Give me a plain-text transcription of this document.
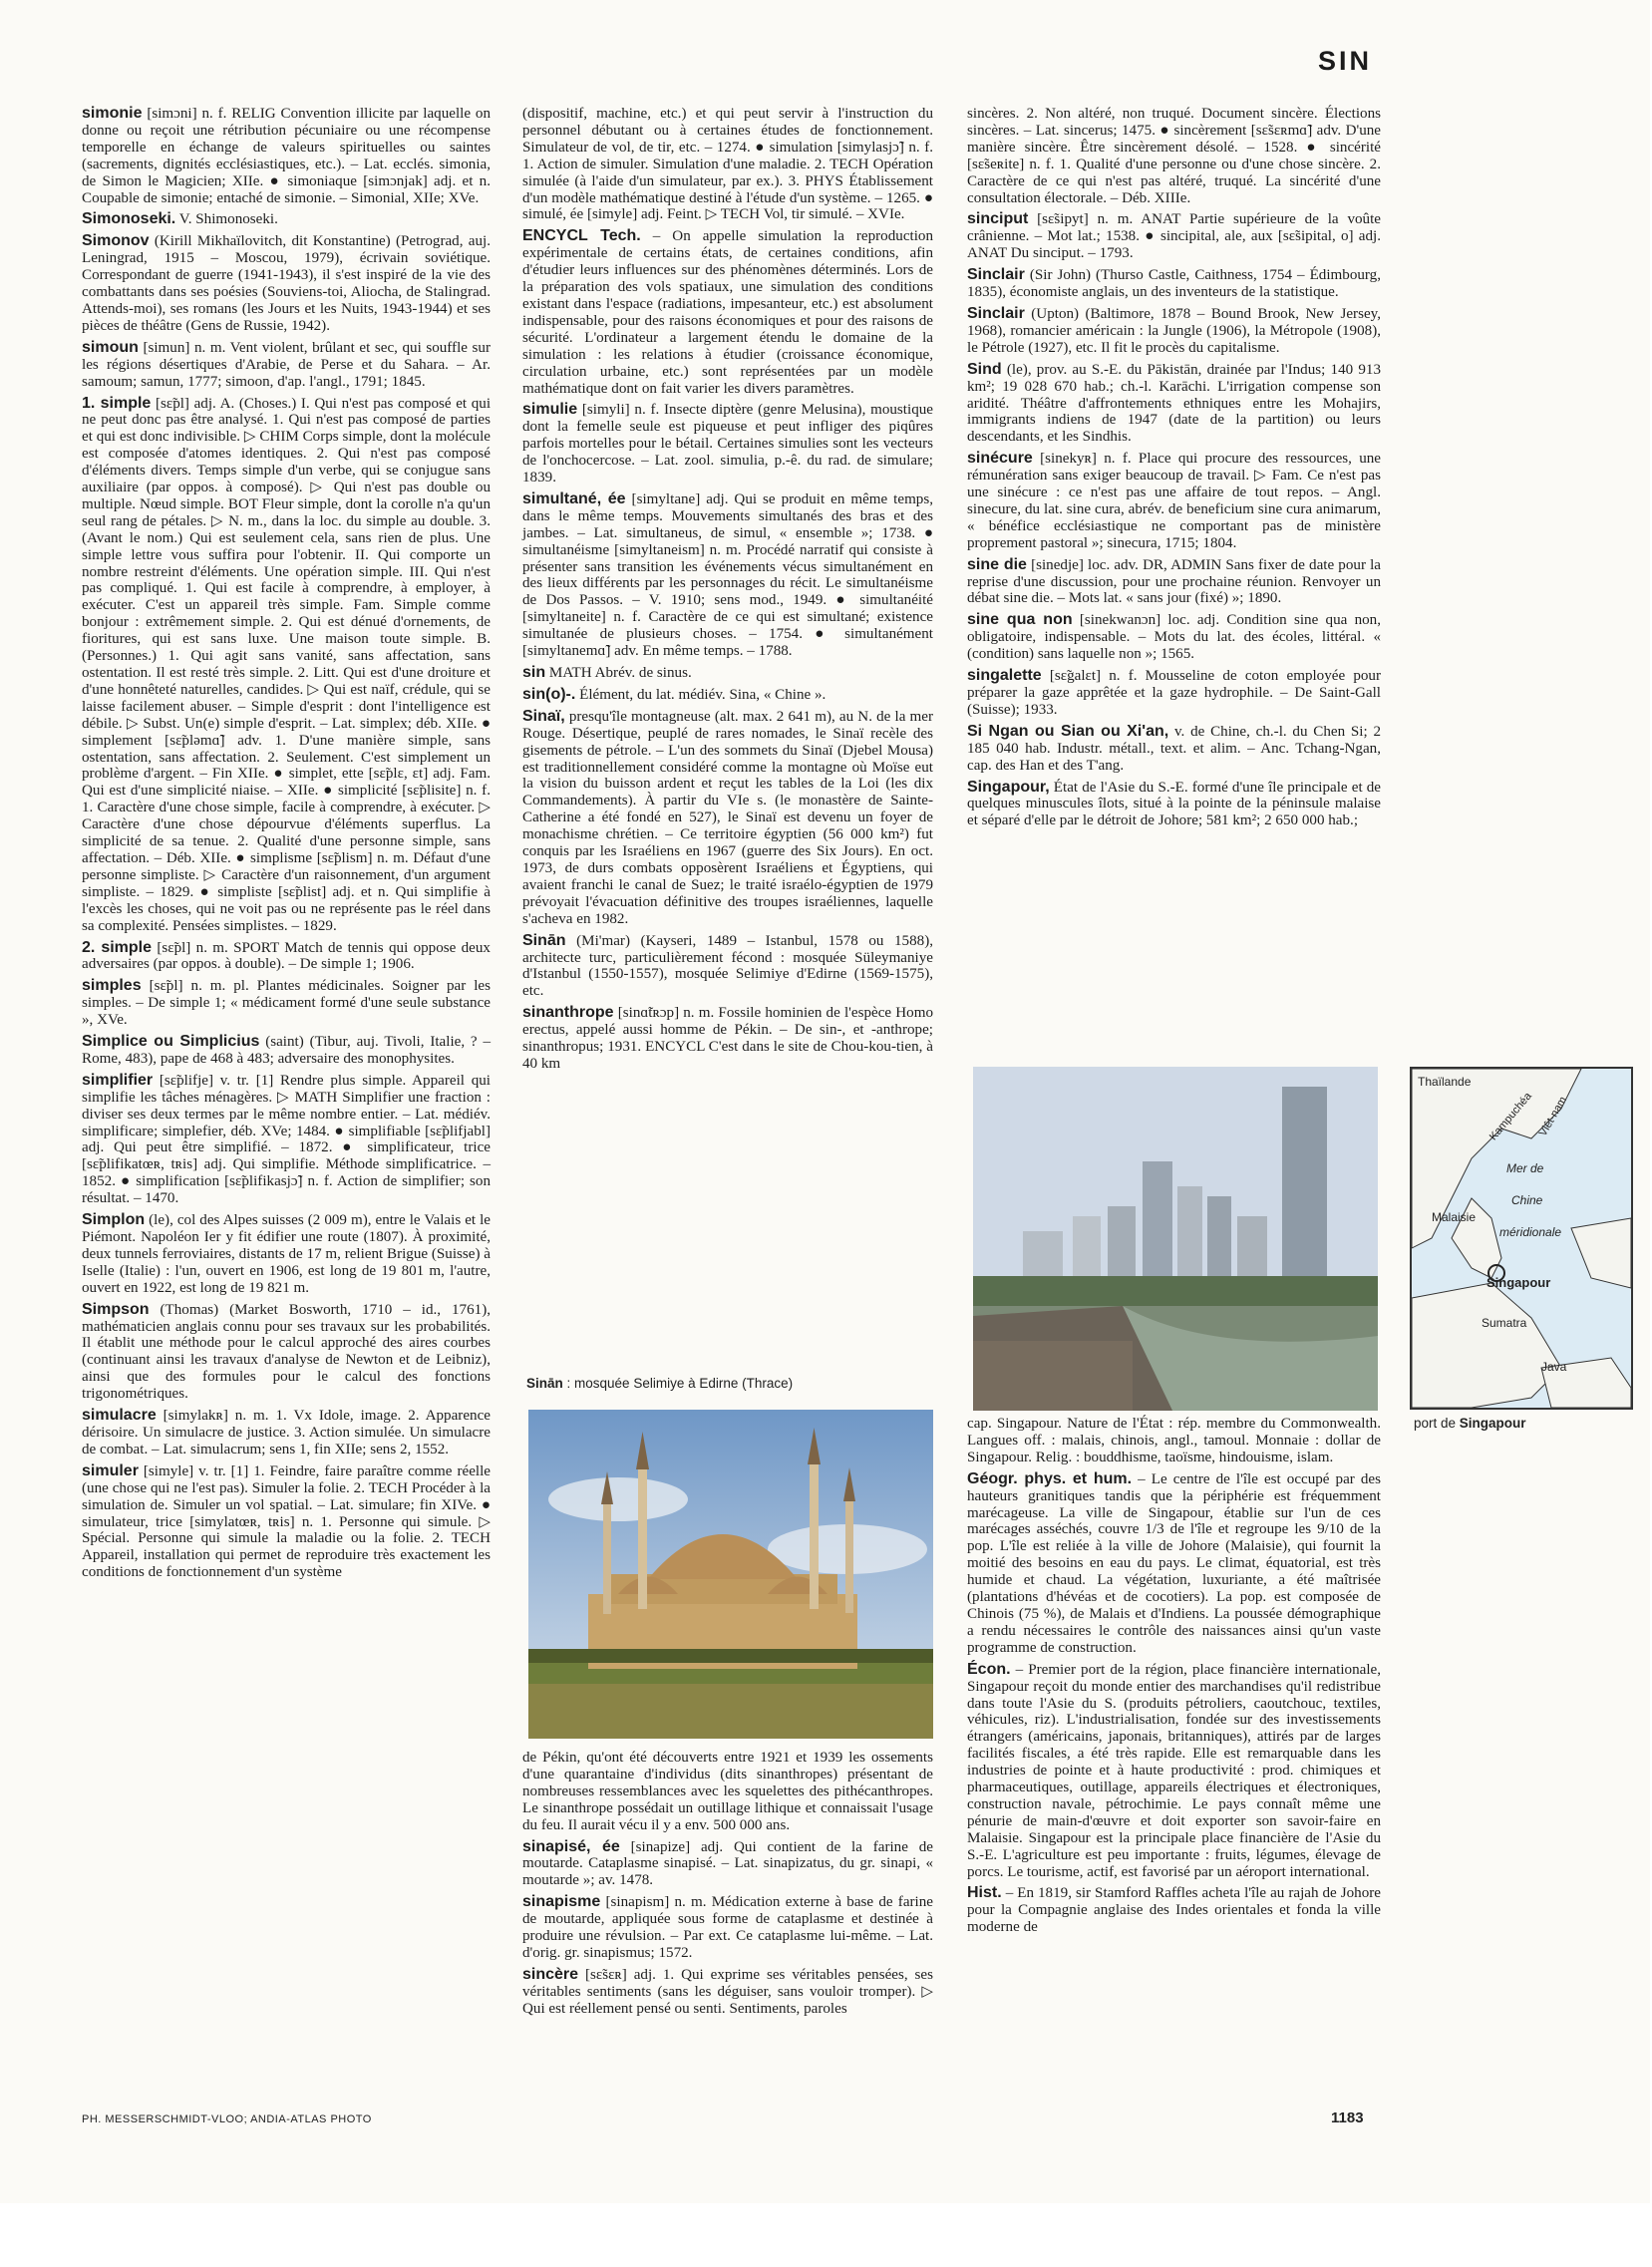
SIN

simonie [simɔni] n. f. RELIG Convention illicite par laquelle on donne ou reçoit une rétribution pécuniaire ou une récompense temporelle en échange de valeurs spirituelles ou saintes (sacrements, dignités ecclésiastiques, etc.). – Lat. ecclés. simonia, de Simon le Magicien; XIIe. ● simoniaque [simɔnjak] adj. et n. Coupable de simonie; entaché de simonie. – Simonial, XIIe; XVe.

Simonoseki. V. Shimonoseki.

Simonov (Kirill Mikhaïlovitch, dit Konstantine) (Petrograd, auj. Leningrad, 1915 – Moscou, 1979), écrivain soviétique. Correspondant de guerre (1941-1943), il s'est inspiré de la vie des combattants dans ses poésies (Souviens-toi, Aliocha, de Stalingrad. Attends-moi), ses romans (les Jours et les Nuits, 1943-1944) et ses pièces de théâtre (Gens de Russie, 1942).

simoun [simun] n. m. Vent violent, brûlant et sec, qui souffle sur les régions désertiques d'Arabie, de Perse et du Sahara. – Ar. samoum; samun, 1777; simoon, d'ap. l'angl., 1791; 1845.

1. simple [sɛ̃pl] adj. A. (Choses.) I. Qui n'est pas composé et qui ne peut donc pas être analysé. 1. Qui n'est pas composé de parties et qui est donc indivisible. ▷ CHIM Corps simple, dont la molécule est composée d'atomes identiques. 2. Qui n'est pas composé d'éléments divers. Temps simple d'un verbe, qui se conjugue sans auxiliaire (par oppos. à composé). ▷ Qui n'est pas double ou multiple. Nœud simple. BOT Fleur simple, dont la corolle n'a qu'un seul rang de pétales. ▷ N. m., dans la loc. du simple au double. 3. (Avant le nom.) Qui est seulement cela, sans rien de plus. Une simple lettre vous suffira pour l'obtenir. II. Qui comporte un nombre restreint d'éléments. Une opération simple. III. Qui n'est pas compliqué. 1. Qui est facile à comprendre, à employer, à exécuter. C'est un appareil très simple. Fam. Simple comme bonjour : extrêmement simple. 2. Qui est dénué d'ornements, de fioritures, qui est sans luxe. Une maison toute simple. B. (Personnes.) 1. Qui agit sans vanité, sans affectation, sans ostentation. Il est resté très simple. 2. Litt. Qui est d'une droiture et d'une honnêteté naturelles, candides. ▷ Qui est naïf, crédule, qui se laisse facilement abuser. – Simple d'esprit : dont l'intelligence est débile. ▷ Subst. Un(e) simple d'esprit. – Lat. simplex; déb. XIIe. ● simplement [sɛ̃pləmɑ̃] adv. 1. D'une manière simple, sans ostentation, sans affectation. 2. Seulement. C'est simplement un problème d'argent. – Fin XIIe. ● simplet, ette [sɛ̃plɛ, ɛt] adj. Fam. Qui est d'une simplicité niaise. – XIIe. ● simplicité [sɛ̃plisite] n. f. 1. Caractère d'une chose simple, facile à comprendre, à exécuter. ▷ Caractère d'une chose dépourvue d'éléments superflus. La simplicité de sa tenue. 2. Qualité d'une personne simple, sans affectation. – Déb. XIIe. ● simplisme [sɛ̃plism] n. m. Défaut d'une personne simpliste. ▷ Caractère d'un raisonnement, d'un argument simpliste. – 1829. ● simpliste [sɛ̃plist] adj. et n. Qui simplifie à l'excès les choses, qui ne voit pas ou ne représente pas le réel dans sa complexité. Pensées simplistes. – 1829.

2. simple [sɛ̃pl] n. m. SPORT Match de tennis qui oppose deux adversaires (par oppos. à double). – De simple 1; 1906.

simples [sɛ̃pl] n. m. pl. Plantes médicinales. Soigner par les simples. – De simple 1; « médicament formé d'une seule substance », XVe.

Simplice ou Simplicius (saint) (Tibur, auj. Tivoli, Italie, ? – Rome, 483), pape de 468 à 483; adversaire des monophysites.

simplifier [sɛ̃plifje] v. tr. [1] Rendre plus simple. Appareil qui simplifie les tâches ménagères. ▷ MATH Simplifier une fraction : diviser ses deux termes par le même nombre entier. – Lat. médiév. simplificare; simplefier, déb. XVe; 1484. ● simplifiable [sɛ̃plifjabl] adj. Qui peut être simplifié. – 1872. ● simplificateur, trice [sɛ̃plifikatœʀ, tʀis] adj. Qui simplifie. Méthode simplificatrice. – 1852. ● simplification [sɛ̃plifikasjɔ̃] n. f. Action de simplifier; son résultat. – 1470.

Simplon (le), col des Alpes suisses (2 009 m), entre le Valais et le Piémont. Napoléon Ier y fit édifier une route (1807). À proximité, deux tunnels ferroviaires, distants de 17 m, relient Brigue (Suisse) à Iselle (Italie) : l'un, ouvert en 1906, est long de 19 801 m, l'autre, ouvert en 1922, est long de 19 821 m.

Simpson (Thomas) (Market Bosworth, 1710 – id., 1761), mathématicien anglais connu pour ses travaux sur les probabilités. Il établit une méthode pour le calcul approché des aires courbes (continuant ainsi les travaux d'analyse de Newton et de Leibniz), ainsi que des formules pour le calcul des fonctions trigonométriques.

simulacre [simylakʀ] n. m. 1. Vx Idole, image. 2. Apparence dérisoire. Un simulacre de justice. 3. Action simulée. Un simulacre de combat. – Lat. simulacrum; sens 1, fin XIIe; sens 2, 1552.

simuler [simyle] v. tr. [1] 1. Feindre, faire paraître comme réelle (une chose qui ne l'est pas). Simuler la folie. 2. TECH Procéder à la simulation de. Simuler un vol spatial. – Lat. simulare; fin XIVe. ● simulateur, trice [simylatœʀ, tʀis] n. 1. Personne qui simule. ▷ Spécial. Personne qui simule la maladie ou la folie. 2. TECH Appareil, installation qui permet de reproduire très exactement les conditions de fonctionnement d'un système

(dispositif, machine, etc.) et qui peut servir à l'instruction du personnel débutant ou à certaines études de fonctionnement. Simulateur de vol, de tir, etc. – 1274. ● simulation [simylasjɔ̃] n. f. 1. Action de simuler. Simulation d'une maladie. 2. TECH Opération simulée (à l'aide d'un simulateur, par ex.). 3. PHYS Établissement d'un modèle mathématique destiné à l'étude d'un système. – 1265. ● simulé, ée [simyle] adj. Feint. ▷ TECH Vol, tir simulé. – XVIe.

ENCYCL Tech. – On appelle simulation la reproduction expérimentale de certains états, de certaines conditions, afin d'étudier leurs influences sur des phénomènes déterminés. Lors de la préparation des vols spatiaux, une simulation des conditions existant dans l'espace (radiations, impesanteur, etc.) est absolument indispensable, pour des raisons économiques et pour des raisons de sécurité. L'ordinateur a largement étendu le domaine de la simulation : les relations à étudier (croissance économique, circulation urbaine, etc.) sont représentées par un modèle mathématique dont on fait varier les divers paramètres.

simulie [simyli] n. f. Insecte diptère (genre Melusina), moustique dont la femelle seule est piqueuse et peut infliger des piqûres parfois mortelles pour le bétail. Certaines simulies sont les vecteurs de l'onchocercose. – Lat. zool. simulia, p.-ê. du rad. de simulare; 1839.

simultané, ée [simyltane] adj. Qui se produit en même temps, dans le même temps. Mouvements simultanés des bras et des jambes. – Lat. simultaneus, de simul, « ensemble »; 1738. ● simultanéisme [simyltaneism] n. m. Procédé narratif qui consiste à présenter sans transition les événements vécus simultanément en des lieux différents par les personnages du récit. Le simultanéisme de Dos Passos. – V. 1910; sens mod., 1949. ● simultanéité [simyltaneite] n. f. Caractère de ce qui est simultané; existence simultanée de plusieurs choses. – 1754. ● simultanément [simyltanemɑ̃] adv. En même temps. – 1788.

sin MATH Abrév. de sinus.

sin(o)-. Élément, du lat. médiév. Sina, « Chine ».

Sinaï, presqu'île montagneuse (alt. max. 2 641 m), au N. de la mer Rouge. Désertique, peuplé de rares nomades, le Sinaï recèle des gisements de pétrole. – L'un des sommets du Sinaï (Djebel Mousa) est traditionnellement considéré comme la montagne où Moïse eut la vision du buisson ardent et reçut les tables de la Loi (les dix Commandements). À partir du VIe s. (le monastère de Sainte-Catherine a été fondé en 527), le Sinaï est devenu un foyer de monachisme chrétien. – Ce territoire égyptien (56 000 km²) fut conquis par les Israéliens en 1967 (guerre des Six Jours). En oct. 1973, de durs combats opposèrent Israéliens et Égyptiens, qui avaient franchi le canal de Suez; le traité israélo-égyptien de 1979 prévoyait l'évacuation définitive des troupes israéliennes, laquelle s'acheva en 1982.

Sinān (Mi'mar) (Kayseri, 1489 – Istanbul, 1578 ou 1588), architecte turc, particulièrement fécond : mosquée Süleymaniye d'Istanbul (1550-1557), mosquée Selimiye d'Edirne (1569-1575), etc.

sinanthrope [sinɑ̃tʀɔp] n. m. Fossile hominien de l'espèce Homo erectus, appelé aussi homme de Pékin. – De sin-, et -anthrope; sinanthropus; 1931. ENCYCL C'est dans le site de Chou-kou-tien, à 40 km

sincères. 2. Non altéré, non truqué. Document sincère. Élections sincères. – Lat. sincerus; 1475. ● sincèrement [sɛ̃sɛʀmɑ̃] adv. D'une manière sincère. Être sincèrement désolé. – 1528. ● sincérité [sɛ̃seʀite] n. f. 1. Qualité d'une personne ou d'une chose sincère. 2. Caractère de ce qui n'est pas altéré, truqué. La sincérité d'une consultation électorale. – Déb. XIIIe.

sinciput [sɛ̃sipyt] n. m. ANAT Partie supérieure de la voûte crânienne. – Mot lat.; 1538. ● sincipital, ale, aux [sɛ̃sipital, o] adj. ANAT Du sinciput. – 1793.

Sinclair (Sir John) (Thurso Castle, Caithness, 1754 – Édimbourg, 1835), économiste anglais, un des inventeurs de la statistique.

Sinclair (Upton) (Baltimore, 1878 – Bound Brook, New Jersey, 1968), romancier américain : la Jungle (1906), la Métropole (1908), le Pétrole (1927), etc. Il fit le procès du capitalisme.

Sind (le), prov. au S.-E. du Pākistān, drainée par l'Indus; 140 913 km²; 19 028 670 hab.; ch.-l. Karāchi. L'irrigation compense son aridité. Théâtre d'affrontements ethniques entre les Mohajirs, immigrants indiens de 1947 (date de la partition) ou leurs descendants, et les Sindhis.

sinécure [sinekyʀ] n. f. Place qui procure des ressources, une rémunération sans exiger beaucoup de travail. ▷ Fam. Ce n'est pas une sinécure : ce n'est pas une affaire de tout repos. – Angl. sinecure, du lat. sine cura, abrév. de beneficium sine cura animarum, « bénéfice ecclésiastique ne comportant pas de ministère proprement pastoral »; sinecura, 1715; 1804.

sine die [sinedje] loc. adv. DR, ADMIN Sans fixer de date pour la reprise d'une discussion, pour une prochaine réunion. Renvoyer un débat sine die. – Mots lat. « sans jour (fixé) »; 1890.

sine qua non [sinekwanɔn] loc. adj. Condition sine qua non, obligatoire, indispensable. – Mots du lat. des écoles, littéral. « (condition) sans laquelle non »; 1565.

singalette [sɛ̃galɛt] n. f. Mousseline de coton employée pour préparer la gaze apprêtée et la gaze hydrophile. – De Saint-Gall (Suisse); 1933.

Si Ngan ou Sian ou Xi'an, v. de Chine, ch.-l. du Chen Si; 2 185 040 hab. Industr. métall., text. et alim. – Anc. Tchang-Ngan, cap. des Han et des T'ang.

Singapour, État de l'Asie du S.-E. formé d'une île principale et de quelques minuscules îlots, situé à la pointe de la péninsule malaise et séparé d'elle par le détroit de Johore; 581 km²; 2 650 000 hab.;

de Pékin, qu'ont été découverts entre 1921 et 1939 les ossements d'une quarantaine d'individus (dits sinanthropes) présentant de nombreuses ressemblances avec les squelettes des pithécanthropes. Le sinanthrope possédait un outillage lithique et connaissait l'usage du feu. Il aurait vécu il y a env. 500 000 ans.

sinapisé, ée [sinapize] adj. Qui contient de la farine de moutarde. Cataplasme sinapisé. – Lat. sinapizatus, du gr. sinapi, « moutarde »; av. 1478.

sinapisme [sinapism] n. m. Médication externe à base de farine de moutarde, appliquée sous forme de cataplasme et destinée à produire une révulsion. – Par ext. Ce cataplasme lui-même. – Lat. d'orig. gr. sinapismus; 1572.

sincère [sɛ̃sɛʀ] adj. 1. Qui exprime ses véritables pensées, ses véritables sentiments (sans les déguiser, sans vouloir tromper). ▷ Qui est réellement pensé ou senti. Sentiments, paroles

cap. Singapour. Nature de l'État : rép. membre du Commonwealth. Langues off. : malais, chinois, angl., tamoul. Monnaie : dollar de Singapour. Relig. : bouddhisme, taoïsme, hindouisme, islam.

Géogr. phys. et hum. – Le centre de l'île est occupé par des hauteurs granitiques tandis que la périphérie est fréquemment marécageuse. La ville de Singapour, établie sur l'un de ces marécages asséchés, couvre 1/3 de l'île et regroupe les 9/10 de la pop. L'île est reliée à la ville de Johore (Malaisie), qui fournit la moitié des besoins en eau du pays. Le climat, équatorial, est très humide et chaud. La végétation, luxuriante, a été maîtrisée (plantations d'hévéas et de cocotiers). La pop. est composée de Chinois (75 %), de Malais et d'Indiens. La poussée démographique a rendu nécessaires le contrôle des naissances ainsi qu'un vaste programme de construction.

Écon. – Premier port de la région, place financière internationale, Singapour reçoit du monde entier des marchandises qu'il redistribue dans toute l'Asie du S. (produits pétroliers, caoutchouc, textiles, véhicules, riz). L'industrialisation, fondée sur des investissements étrangers (américains, japonais, britanniques), attirés par de larges facilités fiscales, a été très rapide. Elle est remarquable dans les industries de pointe et à haute productivité : prod. chimiques et pharmaceutiques, outillage, appareils électriques et électroniques, construction navale, pétrochimie. Le pays connaît même une pénurie de main-d'œuvre et doit exporter son savoir-faire en Malaisie. Singapour est la principale place financière de l'Asie du S.-E. L'agriculture est peu importante : fruits, légumes, élevage de porcs. Le tourisme, actif, est favorisé par un aéroport international.

Hist. – En 1819, sir Stamford Raffles acheta l'île au rajah de Johore pour la Compagnie anglaise des Indes orientales et fonda la ville moderne de

Sinān : mosquée Selimiye à Edirne (Thrace)
Thaïlande
Kampuchéa Viêt-nam
Mer de
Chine
méridionale
Malaisie
Singapour
Sumatra
Java
port de Singapour
PH. MESSERSCHMIDT-VLOO; ANDIA-ATLAS PHOTO	1183
